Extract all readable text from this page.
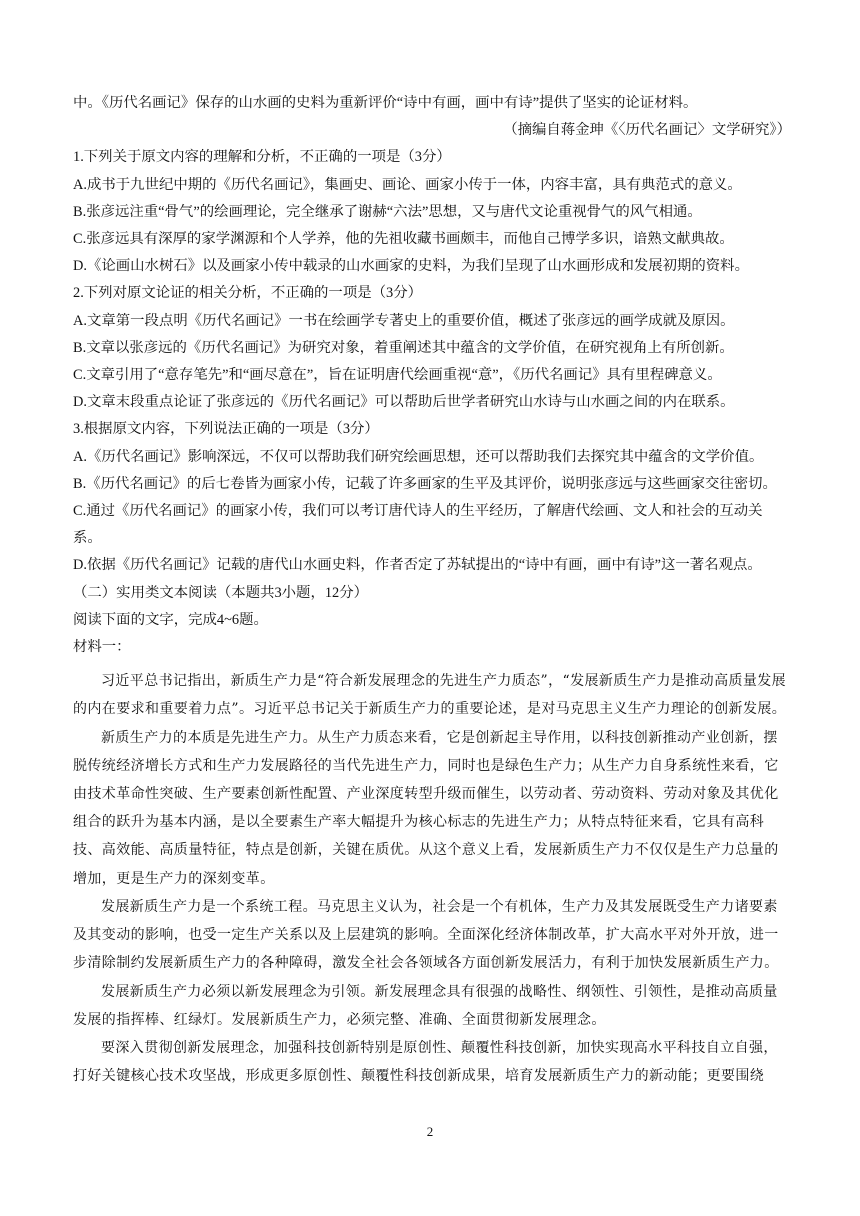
中。《历代名画记》保存的山水画的史料为重新评价“诗中有画，画中有诗”提供了坚实的论证材料。

（摘编自蒋金珅《〈历代名画记〉文学研究》）

1.下列关于原文内容的理解和分析，不正确的一项是（3分）

A.成书于九世纪中期的《历代名画记》，集画史、画论、画家小传于一体，内容丰富，具有典范式的意义。

B.张彦远注重“骨气”的绘画理论，完全继承了谢赫“六法”思想，又与唐代文论重视骨气的风气相通。

C.张彦远具有深厚的家学渊源和个人学养，他的先祖收藏书画颇丰，而他自己博学多识，谙熟文献典故。

D.《论画山水树石》以及画家小传中载录的山水画家的史料，为我们呈现了山水画形成和发展初期的资料。

2.下列对原文论证的相关分析，不正确的一项是（3分）

A.文章第一段点明《历代名画记》一书在绘画学专著史上的重要价值，概述了张彦远的画学成就及原因。

B.文章以张彦远的《历代名画记》为研究对象，着重阐述其中蕴含的文学价值，在研究视角上有所创新。

C.文章引用了“意存笔先”和“画尽意在”，旨在证明唐代绘画重视“意”，《历代名画记》具有里程碑意义。

D.文章末段重点论证了张彦远的《历代名画记》可以帮助后世学者研究山水诗与山水画之间的内在联系。

3.根据原文内容，下列说法正确的一项是（3分）

A.《历代名画记》影响深远，不仅可以帮助我们研究绘画思想，还可以帮助我们去探究其中蕴含的文学价值。

B.《历代名画记》的后七卷皆为画家小传，记载了许多画家的生平及其评价，说明张彦远与这些画家交往密切。

C.通过《历代名画记》的画家小传，我们可以考订唐代诗人的生平经历，了解唐代绘画、文人和社会的互动关系。

D.依据《历代名画记》记载的唐代山水画史料，作者否定了苏轼提出的“诗中有画，画中有诗”这一著名观点。

（二）实用类文本阅读（本题共3小题，12分）

阅读下面的文字，完成4~6题。

材料一：

习近平总书记指出，新质生产力是“符合新发展理念的先进生产力质态”，“发展新质生产力是推动高质量发展的内在要求和重要着力点”。习近平总书记关于新质生产力的重要论述，是对马克思主义生产力理论的创新发展。

新质生产力的本质是先进生产力。从生产力质态来看，它是创新起主导作用，以科技创新推动产业创新，摆脱传统经济增长方式和生产力发展路径的当代先进生产力，同时也是绿色生产力；从生产力自身系统性来看，它由技术革命性突破、生产要素创新性配置、产业深度转型升级而催生，以劳动者、劳动资料、劳动对象及其优化组合的跃升为基本内涵，是以全要素生产率大幅提升为核心标志的先进生产力；从特点特征来看，它具有高科技、高效能、高质量特征，特点是创新，关键在质优。从这个意义上看，发展新质生产力不仅仅是生产力总量的增加，更是生产力的深刻变革。

发展新质生产力是一个系统工程。马克思主义认为，社会是一个有机体，生产力及其发展既受生产力诸要素及其变动的影响，也受一定生产关系以及上层建筑的影响。全面深化经济体制改革，扩大高水平对外开放，进一步清除制约发展新质生产力的各种障碍，激发全社会各领域各方面创新发展活力，有利于加快发展新质生产力。

发展新质生产力必须以新发展理念为引领。新发展理念具有很强的战略性、纲领性、引领性，是推动高质量发展的指挥棒、红绿灯。发展新质生产力，必须完整、准确、全面贯彻新发展理念。

要深入贯彻创新发展理念，加强科技创新特别是原创性、颠覆性科技创新，加快实现高水平科技自立自强，打好关键核心技术攻坚战，形成更多原创性、颠覆性科技创新成果，培育发展新质生产力的新动能；更要围绕

2
